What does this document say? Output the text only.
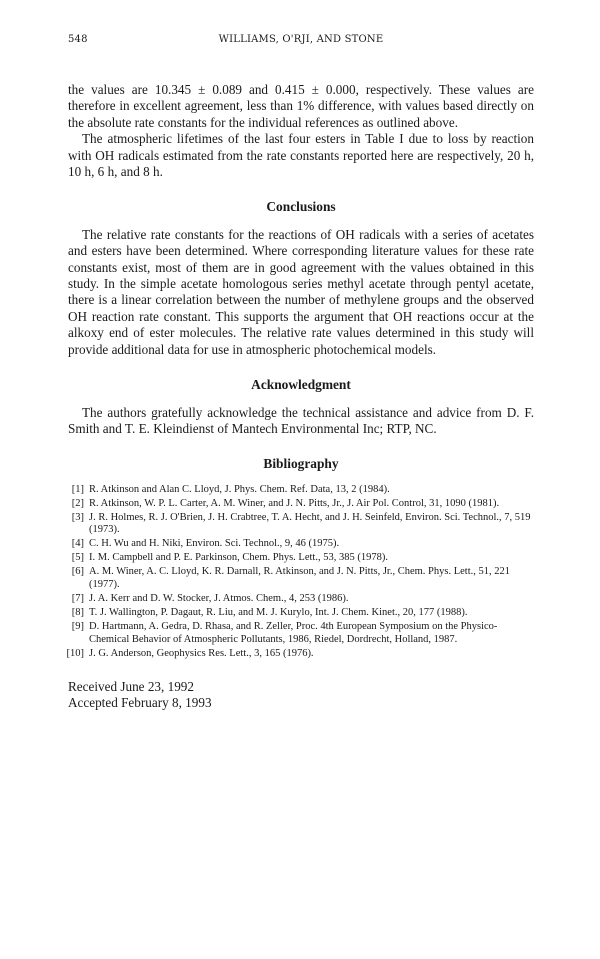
548	WILLIAMS, O'RJI, AND STONE

the values are 10.345 ± 0.089 and 0.415 ± 0.000, respectively. These values are therefore in excellent agreement, less than 1% difference, with values based directly on the absolute rate constants for the individual references as outlined above.

The atmospheric lifetimes of the last four esters in Table I due to loss by reaction with OH radicals estimated from the rate constants reported here are respectively, 20 h, 10 h, 6 h, and 8 h.

Conclusions

The relative rate constants for the reactions of OH radicals with a series of acetates and esters have been determined. Where corresponding literature values for these rate constants exist, most of them are in good agreement with the values obtained in this study. In the simple acetate homologous series methyl acetate through pentyl acetate, there is a linear correlation between the number of methylene groups and the observed OH reaction rate constant. This supports the argument that OH reactions occur at the alkoxy end of ester molecules. The relative rate values determined in this study will provide additional data for use in atmospheric photochemical models.

Acknowledgment

The authors gratefully acknowledge the technical assistance and advice from D. F. Smith and T. E. Kleindienst of Mantech Environmental Inc; RTP, NC.

Bibliography
[1] R. Atkinson and Alan C. Lloyd, J. Phys. Chem. Ref. Data, 13, 2 (1984).
[2] R. Atkinson, W. P. L. Carter, A. M. Winer, and J. N. Pitts, Jr., J. Air Pol. Control, 31, 1090 (1981).
[3] J. R. Holmes, R. J. O'Brien, J. H. Crabtree, T. A. Hecht, and J. H. Seinfeld, Environ. Sci. Technol., 7, 519 (1973).
[4] C. H. Wu and H. Niki, Environ. Sci. Technol., 9, 46 (1975).
[5] I. M. Campbell and P. E. Parkinson, Chem. Phys. Lett., 53, 385 (1978).
[6] A. M. Winer, A. C. Lloyd, K. R. Darnall, R. Atkinson, and J. N. Pitts, Jr., Chem. Phys. Lett., 51, 221 (1977).
[7] J. A. Kerr and D. W. Stocker, J. Atmos. Chem., 4, 253 (1986).
[8] T. J. Wallington, P. Dagaut, R. Liu, and M. J. Kurylo, Int. J. Chem. Kinet., 20, 177 (1988).
[9] D. Hartmann, A. Gedra, D. Rhasa, and R. Zeller, Proc. 4th European Symposium on the Physico-Chemical Behavior of Atmospheric Pollutants, 1986, Riedel, Dordrecht, Holland, 1987.
[10] J. G. Anderson, Geophysics Res. Lett., 3, 165 (1976).
Received June 23, 1992
Accepted February 8, 1993
